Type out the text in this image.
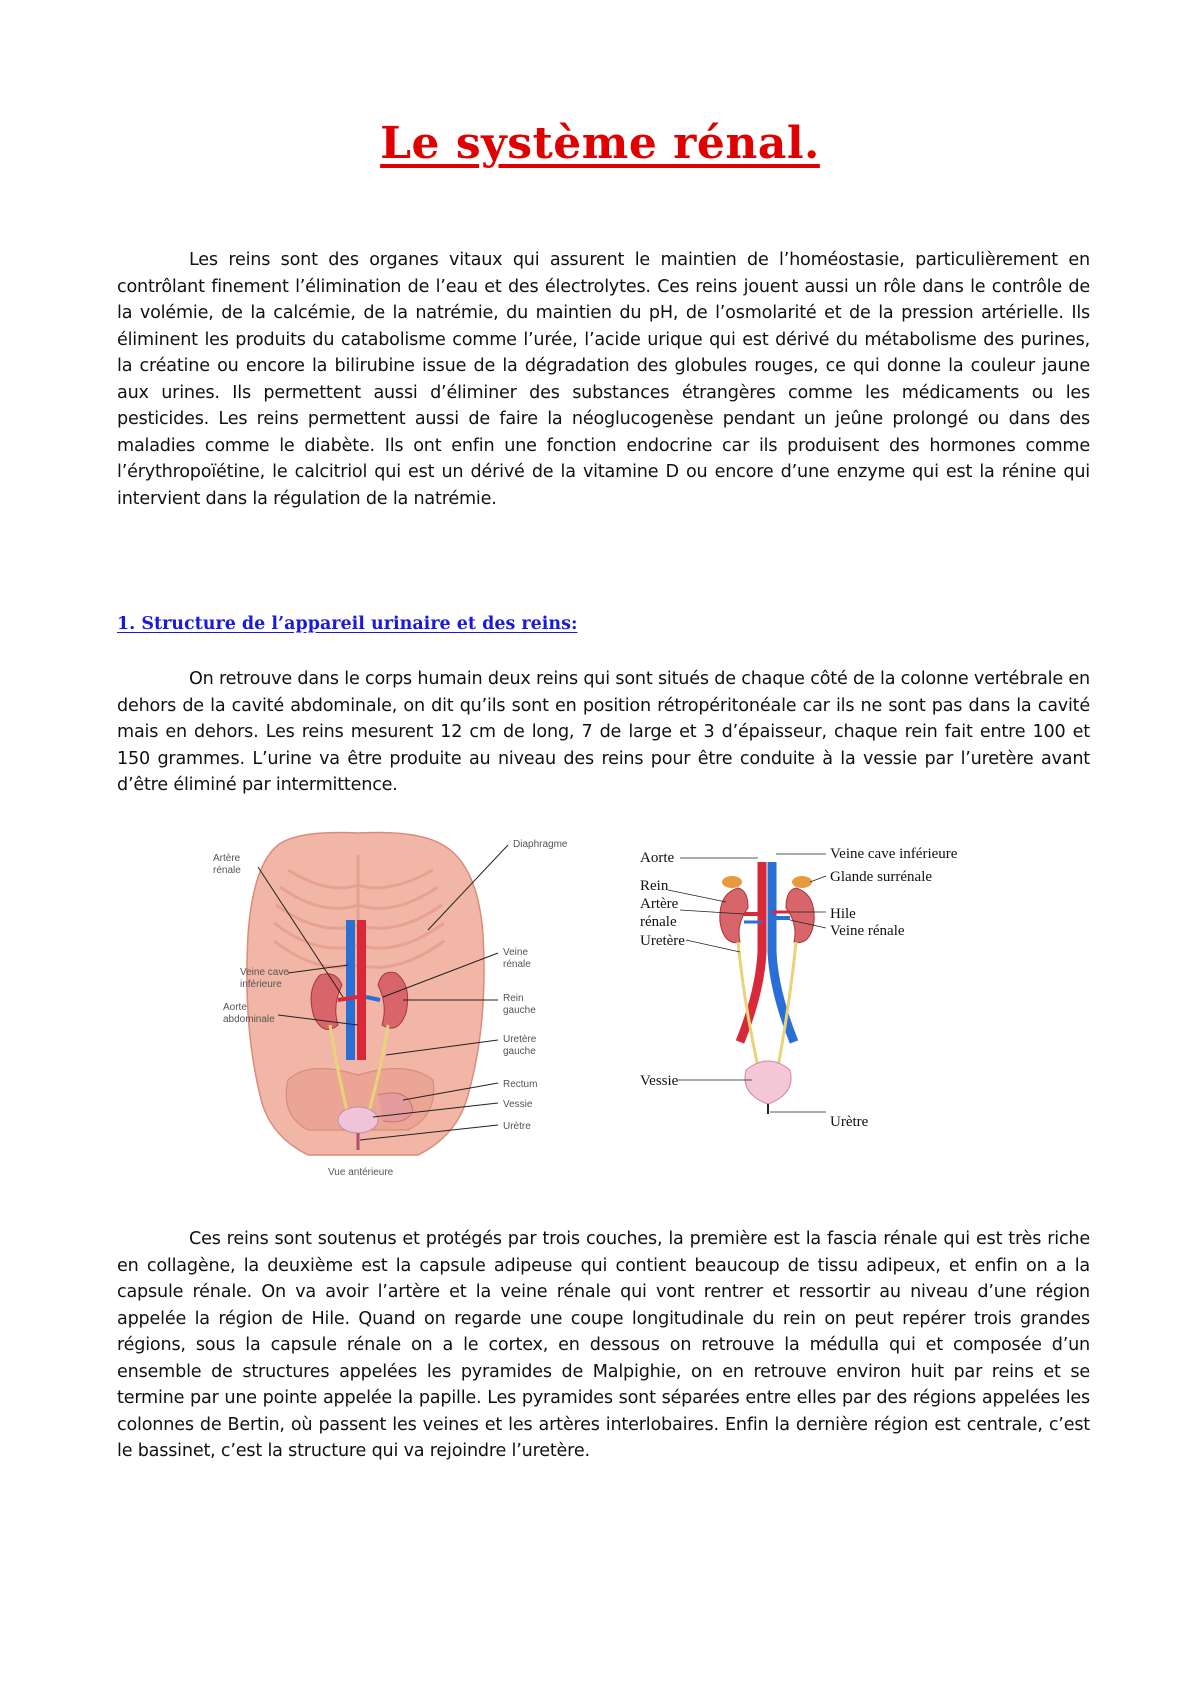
Le système rénal.

Les reins sont des organes vitaux qui assurent le maintien de l’homéostasie, particulièrement en contrôlant finement l’élimination de l’eau et des électrolytes. Ces reins jouent aussi un rôle dans le contrôle de la volémie, de la calcémie, de la natrémie, du maintien du pH, de l’osmolarité et de la pression artérielle. Ils éliminent les produits du catabolisme comme l’urée, l’acide urique qui est dérivé du métabolisme des purines, la créatine ou encore la bilirubine issue de la dégradation des globules rouges, ce qui donne la couleur jaune aux urines. Ils permettent aussi d’éliminer des substances étrangères comme les médicaments ou les pesticides. Les reins permettent aussi de faire la néoglucogenèse pendant un jeûne prolongé ou dans des maladies comme le diabète. Ils ont enfin une fonction endocrine car ils produisent des hormones comme l’érythropoïétine, le calcitriol qui est un dérivé de la vitamine D ou encore d’une enzyme qui est la rénine qui intervient dans la régulation de la natrémie.

1. Structure de l’appareil urinaire et des reins:

On retrouve dans le corps humain deux reins qui sont situés de chaque côté de la colonne vertébrale en dehors de la cavité abdominale, on dit qu’ils sont en position rétropéritonéale car ils ne sont pas dans la cavité mais en dehors. Les reins mesurent 12 cm de long, 7 de large et 3 d’épaisseur, chaque rein fait entre 100 et 150 grammes. L’urine va être produite au niveau des reins pour être conduite à la vessie par l’uretère avant d’être éliminé par intermittence.

Diaphragme
Artère
rénale
Veine
rénale
Veine cave
inférieure
Rein
gauche
Aorte
abdominale
Uretère
gauche
Rectum
Vessie
Urètre
Vue antérieure
Aorte
Rein
Artère
rénale
Uretère
Vessie
Veine cave inférieure
Glande surrénale
Hile
Veine rénale
Urètre

Ces reins sont soutenus et protégés par trois couches, la première est la fascia rénale qui est très riche en collagène, la deuxième est la capsule adipeuse qui contient beaucoup de tissu adipeux, et enfin on a la capsule rénale. On va avoir l’artère et la veine rénale qui vont rentrer et ressortir au niveau d’une région appelée la région de Hile. Quand on regarde une coupe longitudinale du rein on peut repérer trois grandes régions, sous la capsule rénale on a le cortex, en dessous on retrouve la médulla qui et composée d’un ensemble de structures appelées les pyramides de Malpighie, on en retrouve environ huit par reins et se termine par une pointe appelée la papille. Les pyramides sont séparées entre elles par des régions appelées les colonnes de Bertin, où passent les veines et les artères interlobaires. Enfin la dernière région est centrale, c’est le bassinet, c’est la structure qui va rejoindre l’uretère.
